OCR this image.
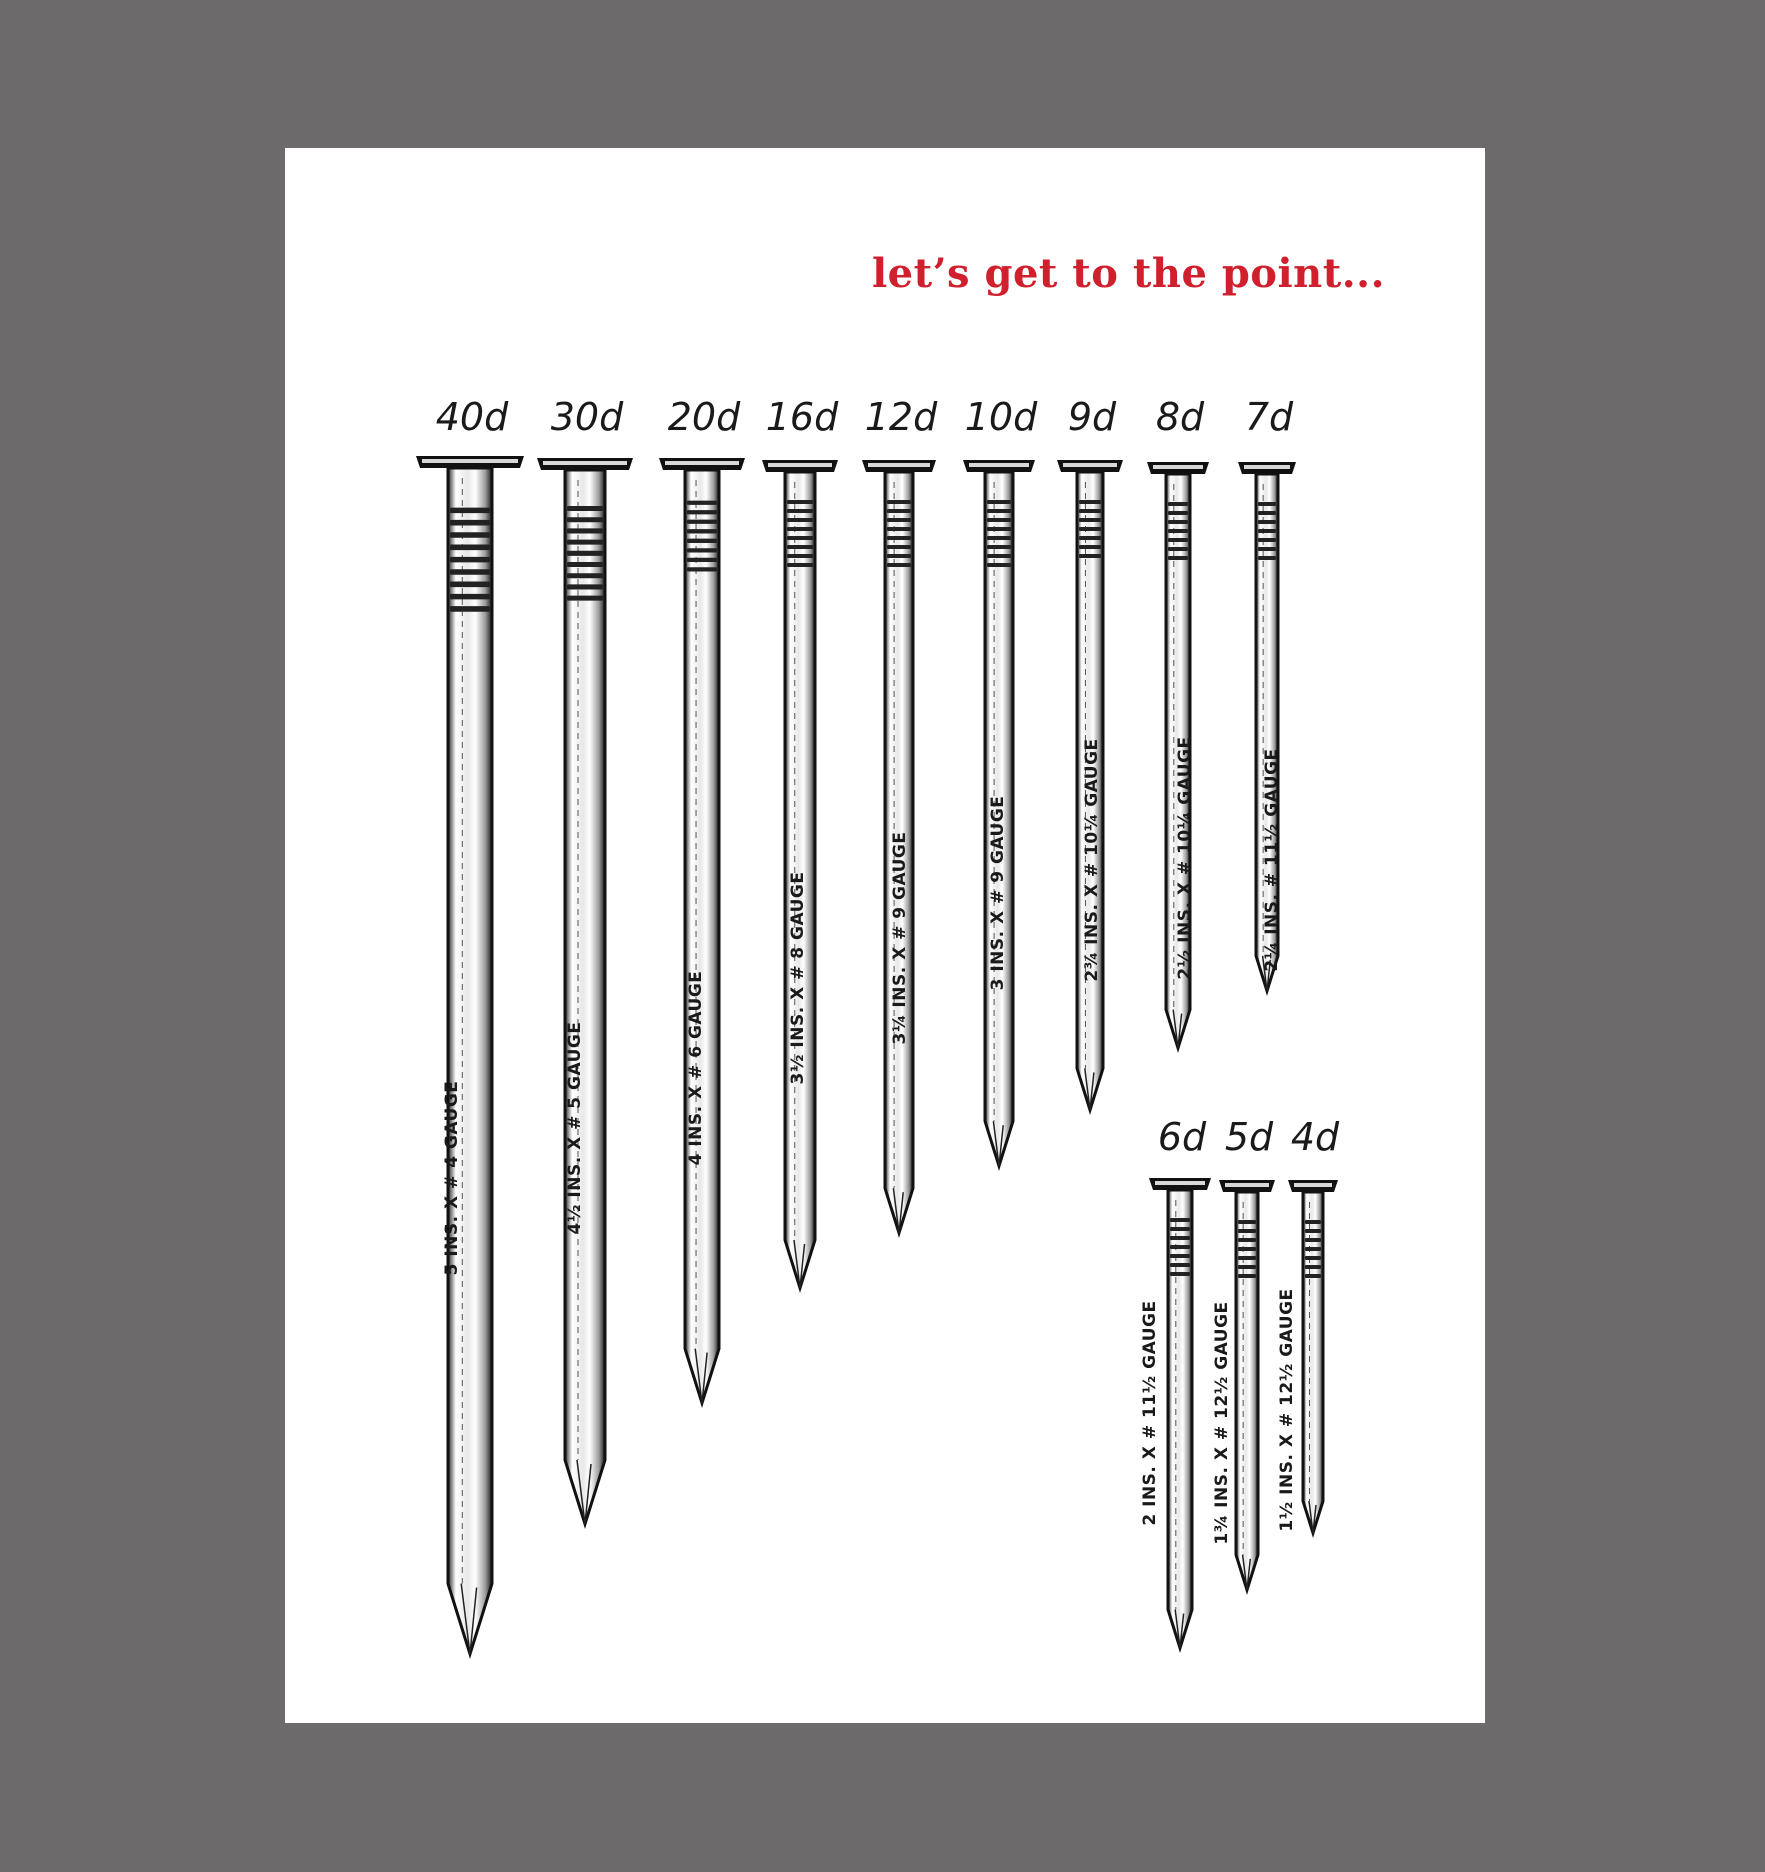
let’s get to the point...
40d
5 INS. X # 4 GAUGE
30d
4½ INS. X # 5 GAUGE
20d
4 INS. X # 6 GAUGE
16d
3½ INS. X # 8 GAUGE
12d
3¼ INS. X # 9 GAUGE
10d
3 INS. X # 9 GAUGE
9d
2¾ INS. X # 10¼ GAUGE
8d
2½ INS. X # 10¼ GAUGE
7d
2¼ INS. # 11½ GAUGE
6d
2 INS. X # 11½ GAUGE
5d
1¾ INS. X # 12½ GAUGE
4d
1½ INS. X # 12½ GAUGE
